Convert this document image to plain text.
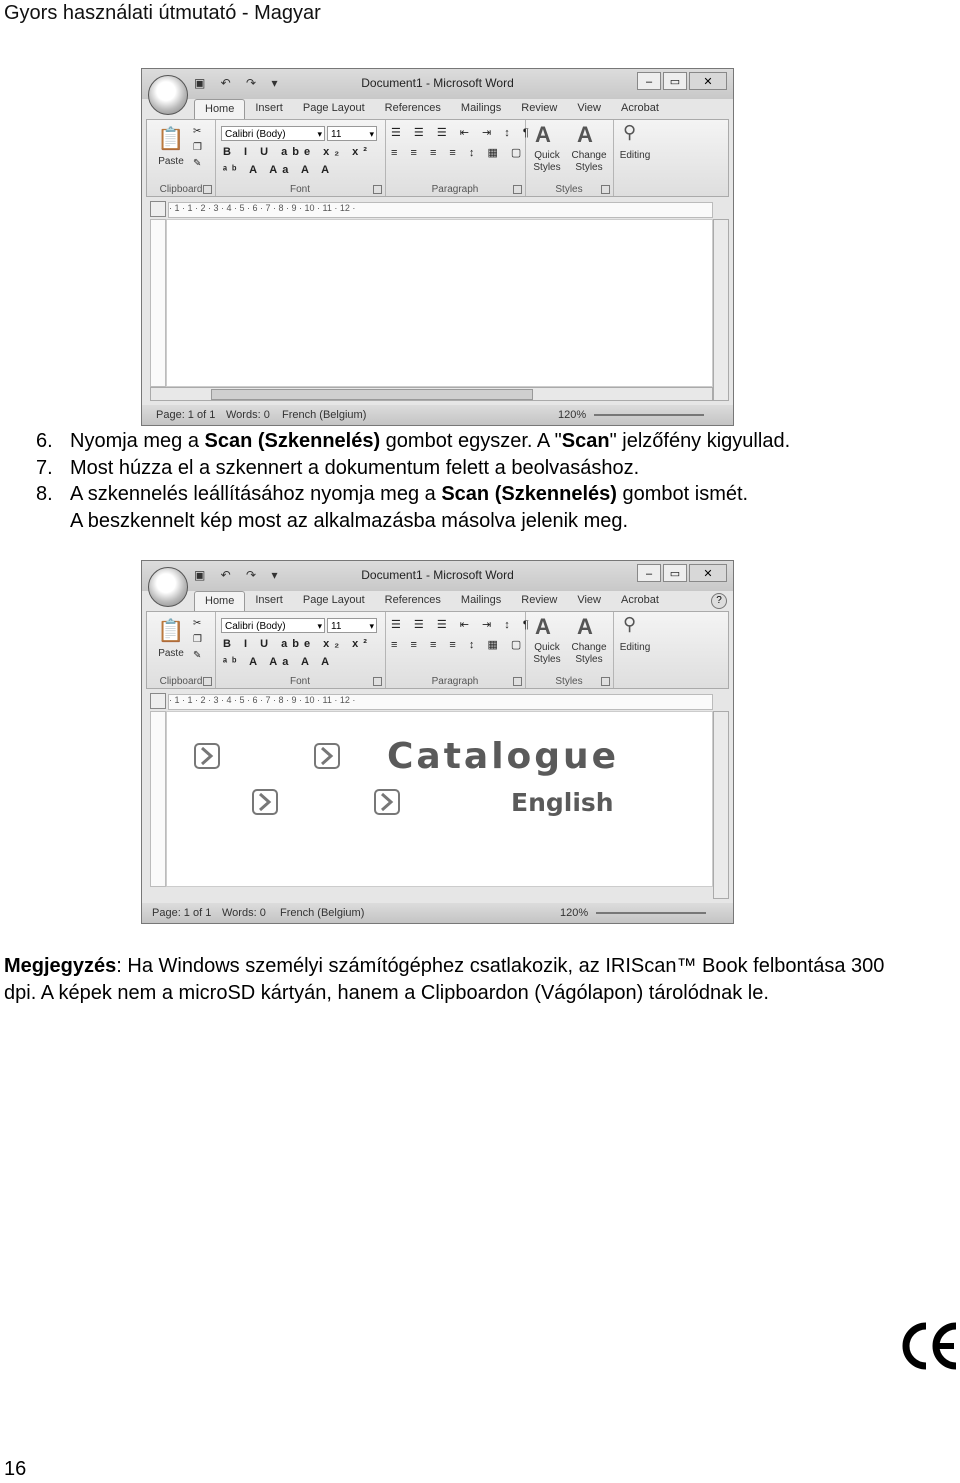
Gyors használati útmutató - Magyar
▣ ↶ ↷ ▾	Document1 - Microsoft Word	–	▭	✕
Home	Insert	Page Layout	References	Mailings	Review	View	Acrobat
📋
Paste
✂
❐
✎
Clipboard
Calibri (Body) ▾	11 ▾
B I U abe x₂ x²
ᵃᵇ A Aa A A
Font
☰ ☰ ☰ ⇤ ⇥ ↕ ¶
≡ ≡ ≡ ≡ ↕ ▦ ▢
Paragraph
A
Quick
Styles
A
Change
Styles
Styles
⚲
Editing
· 1 · 1 · 2 · 3 · 4 · 5 · 6 · 7 · 8 · 9 · 10 · 11 · 12 ·
Page: 1 of 1 Words: 0 French (Belgium)	120%
6. Nyomja meg a Scan (Szkennelés) gombot egyszer. A "Scan" jelzőfény kigyullad.
7. Most húzza el a szkennert a dokumentum felett a beolvasáshoz.
8. A szkennelés leállításához nyomja meg a Scan (Szkennelés) gombot ismét.
A beszkennelt kép most az alkalmazásba másolva jelenik meg.
▣ ↶ ↷ ▾	Document1 - Microsoft Word	–	▭	✕
Home	Insert	Page Layout	References	Mailings	Review	View	Acrobat	?
📋
Paste
✂
❐
✎
Clipboard
Calibri (Body) ▾	11 ▾
B I U abe x₂ x²
ᵃᵇ A Aa A A
Font
☰ ☰ ☰ ⇤ ⇥ ↕ ¶
≡ ≡ ≡ ≡ ↕ ▦ ▢
Paragraph
A
Quick
Styles
A
Change
Styles
Styles
⚲
Editing
· 1 · 1 · 2 · 3 · 4 · 5 · 6 · 7 · 8 · 9 · 10 · 11 · 12 ·
Catalogue
English
Page: 1 of 1 Words: 0 French (Belgium)	120%
Megjegyzés: Ha Windows személyi számítógéphez csatlakozik, az IRIScan™ Book felbontása 300 dpi. A képek nem a microSD kártyán, hanem a Clipboardon (Vágólapon) tárolódnak le.
16
